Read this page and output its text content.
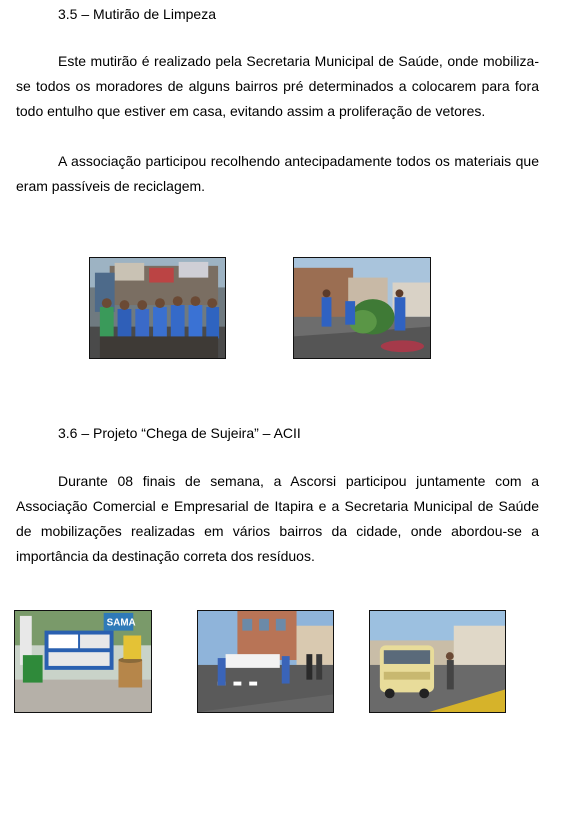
3.5 – Mutirão de Limpeza

Este mutirão é realizado pela Secretaria Municipal de Saúde, onde mobiliza-se todos os moradores de alguns bairros pré determinados a colocarem para fora todo entulho que estiver em casa, evitando assim a proliferação de vetores.

A associação participou recolhendo antecipadamente todos os materiais que eram passíveis de reciclagem.

3.6 – Projeto “Chega de Sujeira” – ACII

Durante 08 finais de semana, a Ascorsi participou juntamente com a Associação Comercial e Empresarial de Itapira e a Secretaria Municipal de Saúde de mobilizações realizadas em vários bairros da cidade, onde abordou-se a importância da destinação correta dos resíduos.

SAMA
